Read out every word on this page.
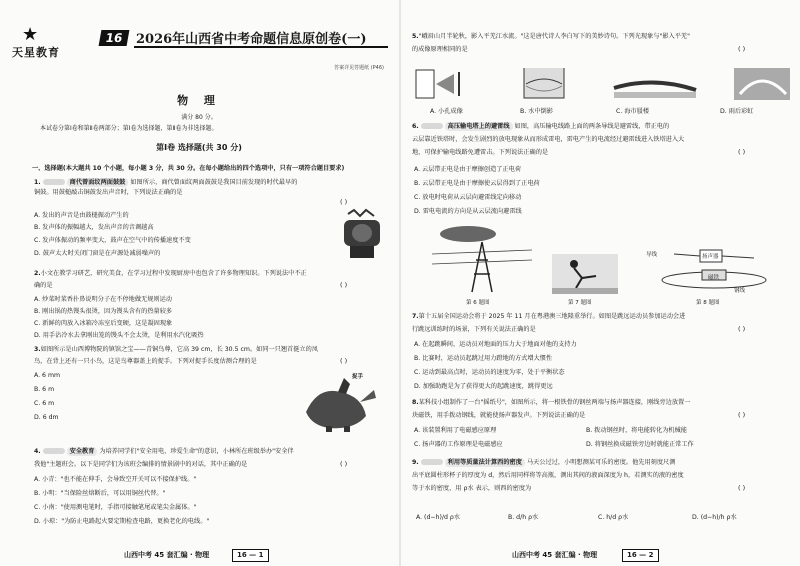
★
天星教育
16 2026年山西省中考命题信息原创卷(一)
答案详见答题纸 (P46)
物 理
满分 80 分。
本试卷分第Ⅰ卷和第Ⅱ卷两部分；第Ⅰ卷为选择题，第Ⅱ卷为非选择题。
第Ⅰ卷 选择题(共 30 分)
一、选择题(本大题共 10 个小题，每小题 3 分，共 30 分。在每小题给出的四个选项中，只有一项符合题目要求)
1.	商代曾面纹两面鼓鼓 如图所示，商代曾面纹两面鼓鼓是我国目前发现的时代最早的
铜鼓。用鼓槌敲击铜鼓发出声音时，下列说法正确的是
( )
A. 发出的声音是由鼓槌振动产生的
B. 发声体的振幅越大，发出声音的音调越高
C. 发声体振动的频率变大，鼓声在空气中的传播速度不变
D. 鼓声太大时关闭门窗是在声源处减弱噪声的
2.小文在教学习研艺，研究美食，在学习过程中发现厨房中也包含了许多物理知识。下列说法中不正
确的是	( )
A. 炒菜时菜香扑鼻说明分子在不停地做无规则运动
B. 刚出锅的热馒头很烫，因为馒头含有的热量较多
C. 新鲜的肉放入冰箱冷冻室后变硬，这是凝固现象
D. 用手沾冷水去拿刚出笼的馒头不会太烫，是利用水汽化吸热
3.如图所示是山西博物院的镇馆之宝——青铜鸟尊，它高 39 cm，长 30.5 cm。如同一只翘首挺立的凤
鸟，在背上还有一只小鸟，这是鸟尊器盖上的捉手。下列对捉手长度估测合理的是	( )
A. 6 mm
B. 6 m
C. 6 m
D. 6 dm
捉手
4.	安全教育 为培养同学们"安全用电，珍爱生命"的意识，小林所在班级举办"安全伴
我他"主题班会。以下是同学们为该班会编排的情景剧中的对话，其中正确的是	( )
A. 小青："也不能在伸手，会导致空开关可以不接保护线。"
B. 小明："当保险丝熔断后，可以用铜丝代替。"
C. 小南："使用测电笔时，手指可接触笔尾或笔尖金属体。"
D. 小琼："为防止电路起火要定期检查电路，更换老化的电线。"
山西中考 45 套汇编 · 物理	16 — 1
5."峨眉山月半轮秋，影入平羌江水流。"这是唐代诗人李白写下的美妙诗句。下列光现象与"影入平羌"
的成像原理相同的是	( )
A. 小孔成像	B. 水中倒影	C. 海市蜃楼	D. 雨后彩虹
6.	高压输电塔上的避雷线 如图，高压输电线路上面的两条导线是避雷线，带正电的
云层靠近铁塔时，会发生剧烈的放电现象从而形成雷电，雷电产生的电流经过避雷线进入铁塔进入大
地，可保护输电线路免遭雷击。下列说法正确的是	( )
A. 云层带正电是由于摩擦创造了正电荷
B. 云层带正电是由于摩擦使云层得到了正电荷
C. 放电时电荷从云层向避雷线定向移动
D. 雷电电流的方向是从云层流向避雷线
导线	扬声器
磁铁
钢线
第 6 题图	第 7 题图	第 8 题图
7.第十五届全国运动会将于 2025 年 11 月在粤港澳三地隆重举行。如图是跳远运动员参加运动会进
行跳远训练时的场景，下列有关说法正确的是	( )
A. 在起跳瞬间，运动员对地面的压力大于地面对他的支持力
B. 比赛时，运动员起跳过用力蹬地的方式增大惯性
C. 运动到最高点时，运动员的速度为零，处于平衡状态
D. 加强助跑是为了获得更大的起跳速度，跳得更远
8.某科技小组制作了一台"摇纸号"，如图所示，将一根铁骨的钢丝两端与扬声器连接，刚线旁边放置一
块磁铁，用手拨动钢线，就能使扬声器发声。下列说法正确的是	( )
A. 该装置利用了电磁感应原理	B. 拨动钢丝时，将电能转化为机械能
C. 扬声器的工作原理是电磁感应	D. 将钢丝换成磁铁旁边时就能正常工作
9.	利用等质量法计算西的密度 马天公过过，小明想测某可乐的密度。他先用刻度尺测
出平底圆柱形杯子的厚度为 d，然后用同样将等高瓶，测出其间的液面深度为 h，若测实的液的密度
等于水的密度，用 ρ水 表示，则西的密度为	( )
A. (d−h)/d ρ水	B. d/h ρ水	C. h/d ρ水	D. (d−h)/h ρ水
山西中考 45 套汇编 · 物理	16 — 2
